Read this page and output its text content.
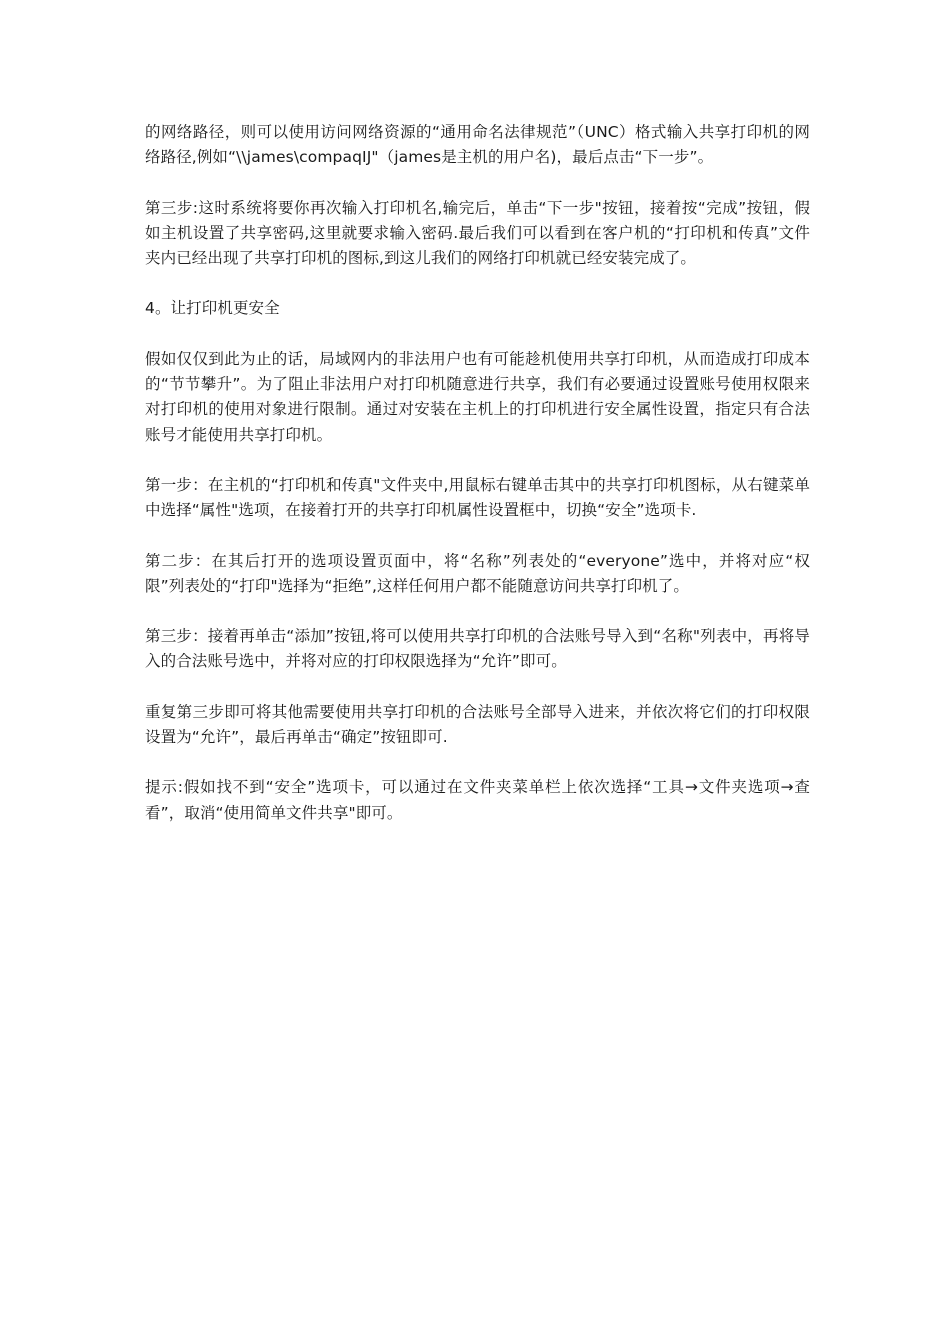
的网络路径，则可以使用访问网络资源的“通用命名法律规范”（UNC）格式输入共享打印机的网络路径,例如“\\james\compaqIJ"（james是主机的用户名)，最后点击“下一步”。

第三步:这时系统将要你再次输入打印机名,输完后，单击“下一步"按钮，接着按“完成”按钮，假如主机设置了共享密码,这里就要求输入密码.最后我们可以看到在客户机的“打印机和传真”文件夹内已经出现了共享打印机的图标,到这儿我们的网络打印机就已经安装完成了。

4。让打印机更安全

假如仅仅到此为止的话，局域网内的非法用户也有可能趁机使用共享打印机，从而造成打印成本的“节节攀升”。为了阻止非法用户对打印机随意进行共享，我们有必要通过设置账号使用权限来对打印机的使用对象进行限制。通过对安装在主机上的打印机进行安全属性设置，指定只有合法账号才能使用共享打印机。

第一步：在主机的“打印机和传真"文件夹中,用鼠标右键单击其中的共享打印机图标，从右键菜单中选择“属性"选项，在接着打开的共享打印机属性设置框中，切换“安全”选项卡.

第二步：在其后打开的选项设置页面中，将“名称”列表处的“everyone”选中，并将对应“权限”列表处的“打印"选择为“拒绝”,这样任何用户都不能随意访问共享打印机了。

第三步：接着再单击“添加”按钮,将可以使用共享打印机的合法账号导入到“名称"列表中，再将导入的合法账号选中，并将对应的打印权限选择为“允许”即可。

重复第三步即可将其他需要使用共享打印机的合法账号全部导入进来，并依次将它们的打印权限设置为“允许”，最后再单击“确定”按钮即可.

提示:假如找不到“安全”选项卡，可以通过在文件夹菜单栏上依次选择“工具→文件夹选项→查看”，取消“使用简单文件共享"即可。
